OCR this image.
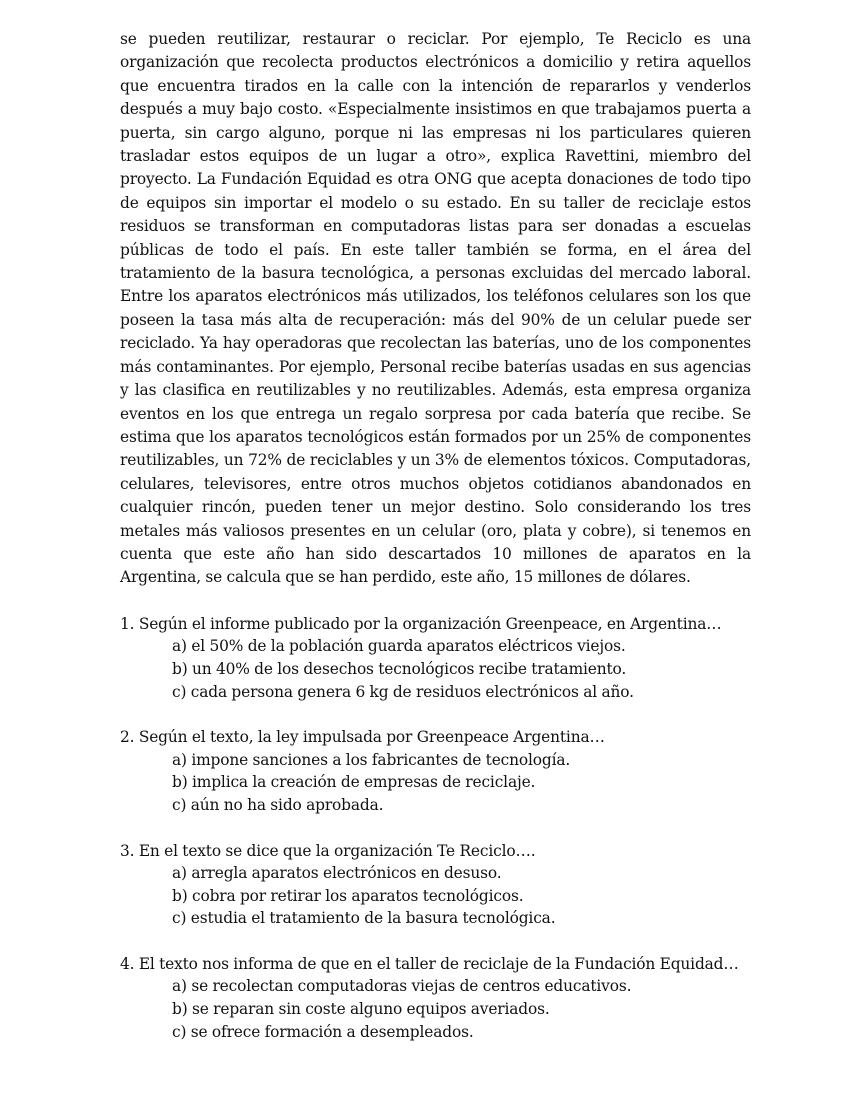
se pueden reutilizar, restaurar o reciclar. Por ejemplo, Te Reciclo es una organización que recolecta productos electrónicos a domicilio y retira aquellos que encuentra tirados en la calle con la intención de repararlos y venderlos después a muy bajo costo. «Especialmente insistimos en que trabajamos puerta a puerta, sin cargo alguno, porque ni las empresas ni los particulares quieren trasladar estos equipos de un lugar a otro», explica Ravettini, miembro del proyecto. La Fundación Equidad es otra ONG que acepta donaciones de todo tipo de equipos sin importar el modelo o su estado. En su taller de reciclaje estos residuos se transforman en computadoras listas para ser donadas a escuelas públicas de todo el país. En este taller también se forma, en el área del tratamiento de la basura tecnológica, a personas excluidas del mercado laboral. Entre los aparatos electrónicos más utilizados, los teléfonos celulares son los que poseen la tasa más alta de recuperación: más del 90% de un celular puede ser reciclado. Ya hay operadoras que recolectan las baterías, uno de los componentes más contaminantes. Por ejemplo, Personal recibe baterías usadas en sus agencias y las clasifica en reutilizables y no reutilizables. Además, esta empresa organiza eventos en los que entrega un regalo sorpresa por cada batería que recibe. Se estima que los aparatos tecnológicos están formados por un 25% de componentes reutilizables, un 72% de reciclables y un 3% de elementos tóxicos. Computadoras, celulares, televisores, entre otros muchos objetos cotidianos abandonados en cualquier rincón, pueden tener un mejor destino. Solo considerando los tres metales más valiosos presentes en un celular (oro, plata y cobre), si tenemos en cuenta que este año han sido descartados 10 millones de aparatos en la Argentina, se calcula que se han perdido, este año, 15 millones de dólares.

1. Según el informe publicado por la organización Greenpeace, en Argentina…
a) el 50% de la población guarda aparatos eléctricos viejos.
b) un 40% de los desechos tecnológicos recibe tratamiento.
c) cada persona genera 6 kg de residuos electrónicos al año.
2. Según el texto, la ley impulsada por Greenpeace Argentina…
a) impone sanciones a los fabricantes de tecnología.
b) implica la creación de empresas de reciclaje.
c) aún no ha sido aprobada.
3. En el texto se dice que la organización Te Reciclo….
a) arregla aparatos electrónicos en desuso.
b) cobra por retirar los aparatos tecnológicos.
c) estudia el tratamiento de la basura tecnológica.
4. El texto nos informa de que en el taller de reciclaje de la Fundación Equidad…
a) se recolectan computadoras viejas de centros educativos.
b) se reparan sin coste alguno equipos averiados.
c) se ofrece formación a desempleados.
